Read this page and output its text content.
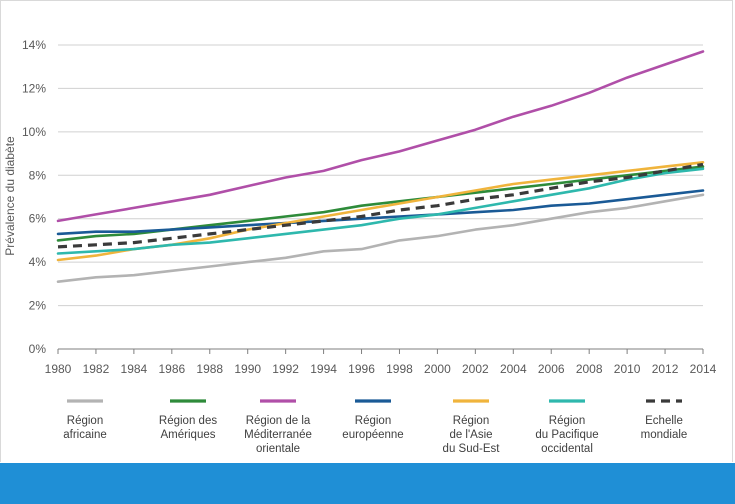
0%
2%
4%
6%
8%
10%
12%
14%
1980 1982 1984 1986 1988 1990 1992 1994 1996 1998 2000 2002 2004 2006 2008 2010 2012 2014
Prévalence du diabète
Région
africaine
Région des
Amériques
Région de la
Méditerranée
orientale
Région
européenne
Région
de l'Asie
du Sud-Est
Région
du Pacifique
occidental
Echelle
mondiale
